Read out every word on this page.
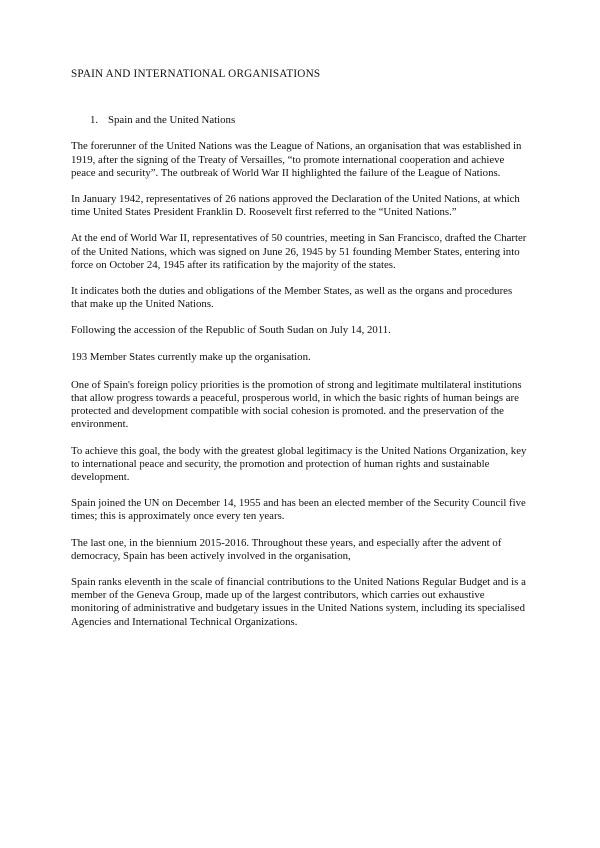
SPAIN AND INTERNATIONAL ORGANISATIONS
1. Spain and the United Nations

The forerunner of the United Nations was the League of Nations, an organisation that was established in 1919, after the signing of the Treaty of Versailles, “to promote international cooperation and achieve peace and security”. The outbreak of World War II highlighted the failure of the League of Nations.

In January 1942, representatives of 26 nations approved the Declaration of the United Nations, at which time United States President Franklin D. Roosevelt first referred to the “United Nations.”

At the end of World War II, representatives of 50 countries, meeting in San Francisco, drafted the Charter of the United Nations, which was signed on June 26, 1945 by 51 founding Member States, entering into force on October 24, 1945 after its ratification by the majority of the states.

It indicates both the duties and obligations of the Member States, as well as the organs and procedures that make up the United Nations.

Following the accession of the Republic of South Sudan on July 14, 2011.

193 Member States currently make up the organisation.

One of Spain's foreign policy priorities is the promotion of strong and legitimate multilateral institutions that allow progress towards a peaceful, prosperous world, in which the basic rights of human beings are protected and development compatible with social cohesion is promoted. and the preservation of the environment.

To achieve this goal, the body with the greatest global legitimacy is the United Nations Organization, key to international peace and security, the promotion and protection of human rights and sustainable development.

Spain joined the UN on December 14, 1955 and has been an elected member of the Security Council five times; this is approximately once every ten years.

The last one, in the biennium 2015-2016. Throughout these years, and especially after the advent of democracy, Spain has been actively involved in the organisation,

Spain ranks eleventh in the scale of financial contributions to the United Nations Regular Budget and is a member of the Geneva Group, made up of the largest contributors, which carries out exhaustive monitoring of administrative and budgetary issues in the United Nations system, including its specialised Agencies and International Technical Organizations.
